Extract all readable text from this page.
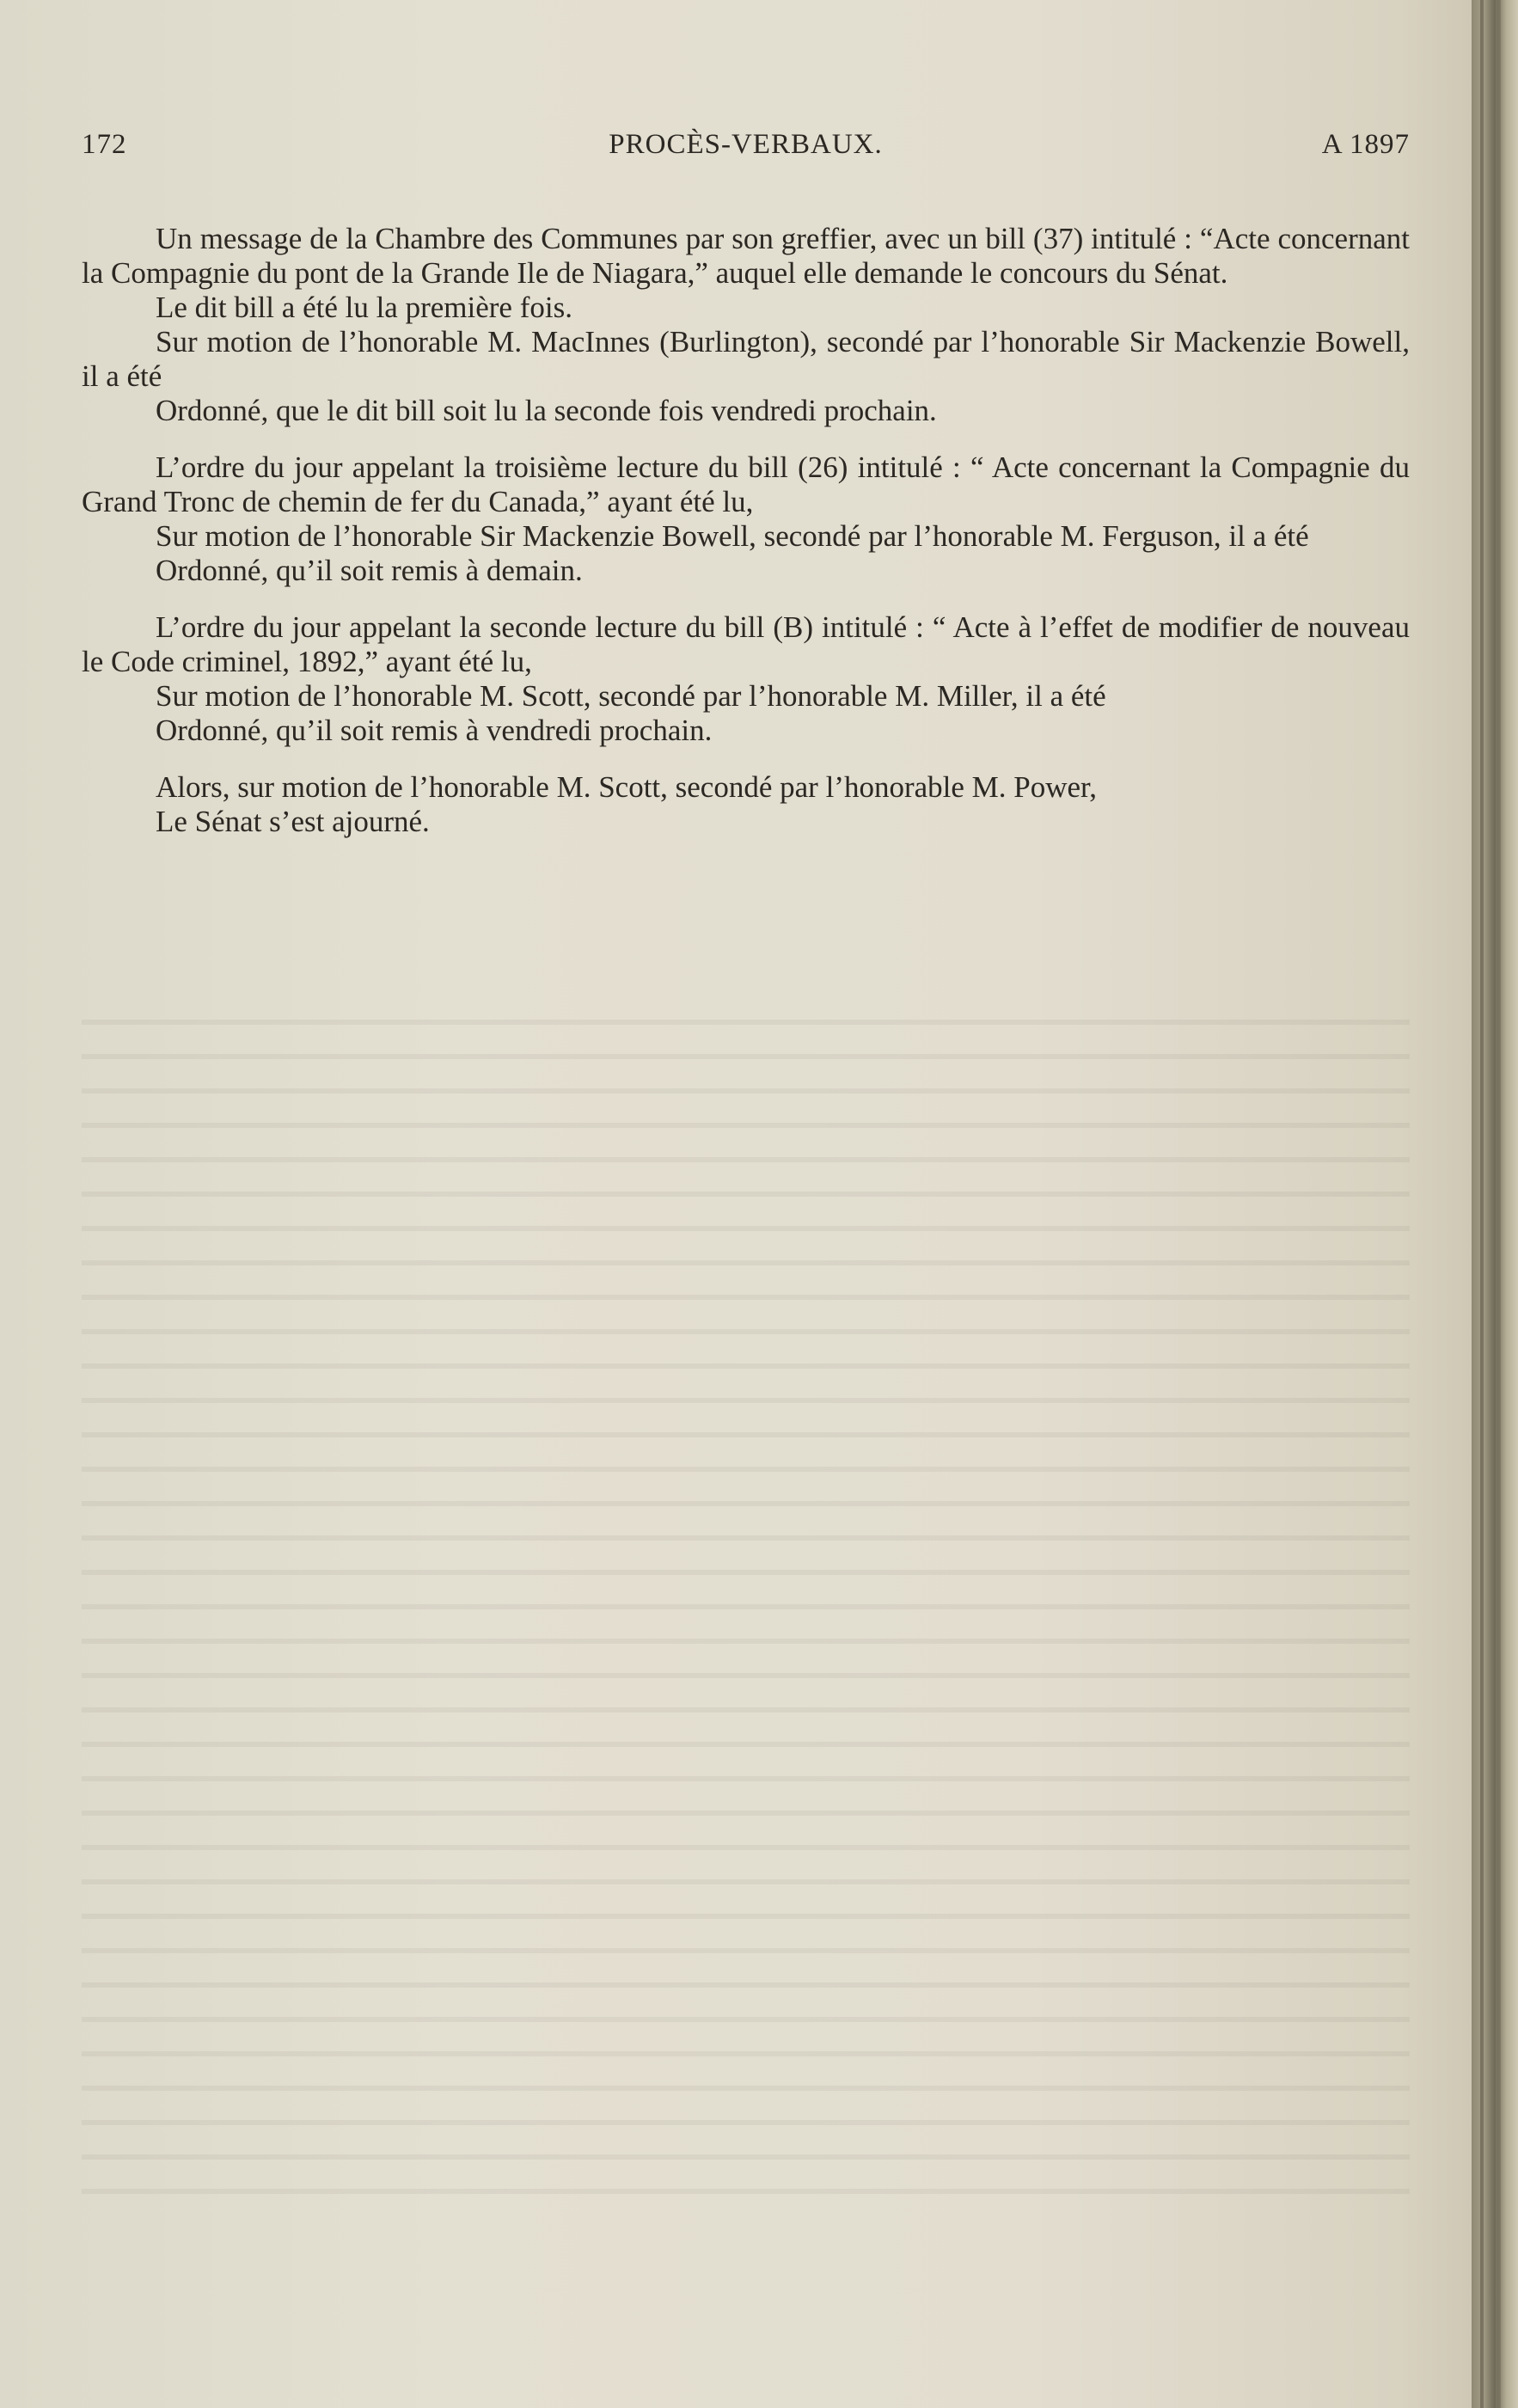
172	PROCÈS-VERBAUX.	A 1897

Un message de la Chambre des Communes par son greffier, avec un bill (37) intitulé : “Acte concernant la Compagnie du pont de la Grande Ile de Niagara,” auquel elle demande le concours du Sénat.

Le dit bill a été lu la première fois.

Sur motion de l’honorable M. MacInnes (Burlington), secondé par l’honorable Sir Mackenzie Bowell, il a été

Ordonné, que le dit bill soit lu la seconde fois vendredi prochain.

L’ordre du jour appelant la troisième lecture du bill (26) intitulé : “ Acte concernant la Compagnie du Grand Tronc de chemin de fer du Canada,” ayant été lu,

Sur motion de l’honorable Sir Mackenzie Bowell, secondé par l’honorable M. Ferguson, il a été

Ordonné, qu’il soit remis à demain.

L’ordre du jour appelant la seconde lecture du bill (B) intitulé : “ Acte à l’effet de modifier de nouveau le Code criminel, 1892,” ayant été lu,

Sur motion de l’honorable M. Scott, secondé par l’honorable M. Miller, il a été

Ordonné, qu’il soit remis à vendredi prochain.

Alors, sur motion de l’honorable M. Scott, secondé par l’honorable M. Power,

Le Sénat s’est ajourné.
